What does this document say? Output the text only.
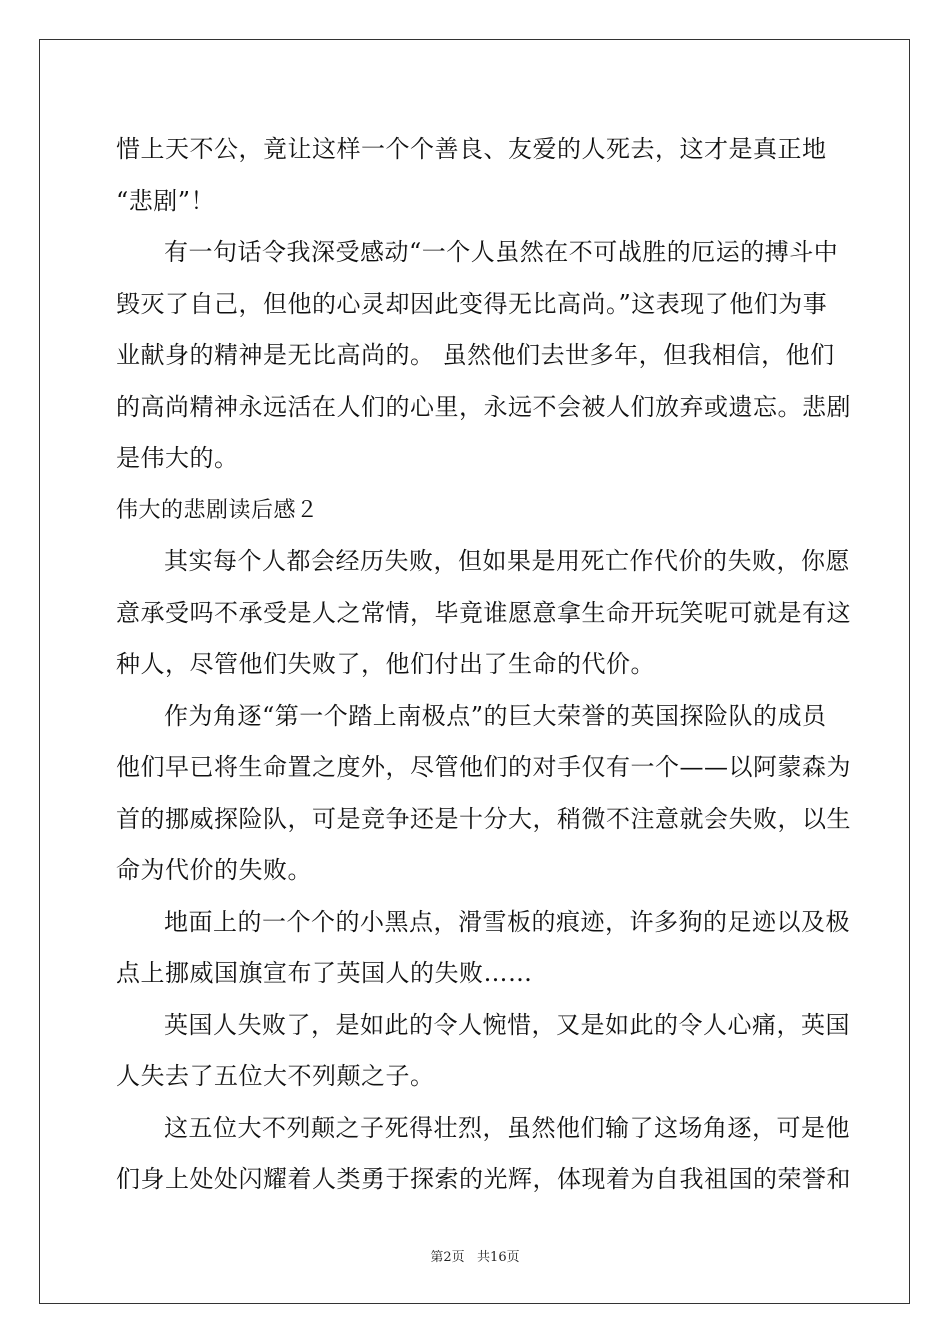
惜上天不公，竟让这样一个个善良、友爱的人死去，这才是真正地
“悲剧”！
有一句话令我深受感动“一个人虽然在不可战胜的厄运的搏斗中
毁灭了自己，但他的心灵却因此变得无比高尚。”这表现了他们为事
业献身的精神是无比高尚的。 虽然他们去世多年，但我相信，他们
的高尚精神永远活在人们的心里，永远不会被人们放弃或遗忘。悲剧
是伟大的。
伟大的悲剧读后感２
其实每个人都会经历失败，但如果是用死亡作代价的失败，你愿
意承受吗不承受是人之常情，毕竟谁愿意拿生命开玩笑呢可就是有这
种人，尽管他们失败了，他们付出了生命的代价。
作为角逐“第一个踏上南极点”的巨大荣誉的英国探险队的成员
他们早已将生命置之度外，尽管他们的对手仅有一个——以阿蒙森为
首的挪威探险队，可是竞争还是十分大，稍微不注意就会失败，以生
命为代价的失败。
地面上的一个个的小黑点，滑雪板的痕迹，许多狗的足迹以及极
点上挪威国旗宣布了英国人的失败……
英国人失败了，是如此的令人惋惜，又是如此的令人心痛，英国
人失去了五位大不列颠之子。
这五位大不列颠之子死得壮烈，虽然他们输了这场角逐，可是他
们身上处处闪耀着人类勇于探索的光辉，体现着为自我祖国的荣誉和
第2页   共16页
